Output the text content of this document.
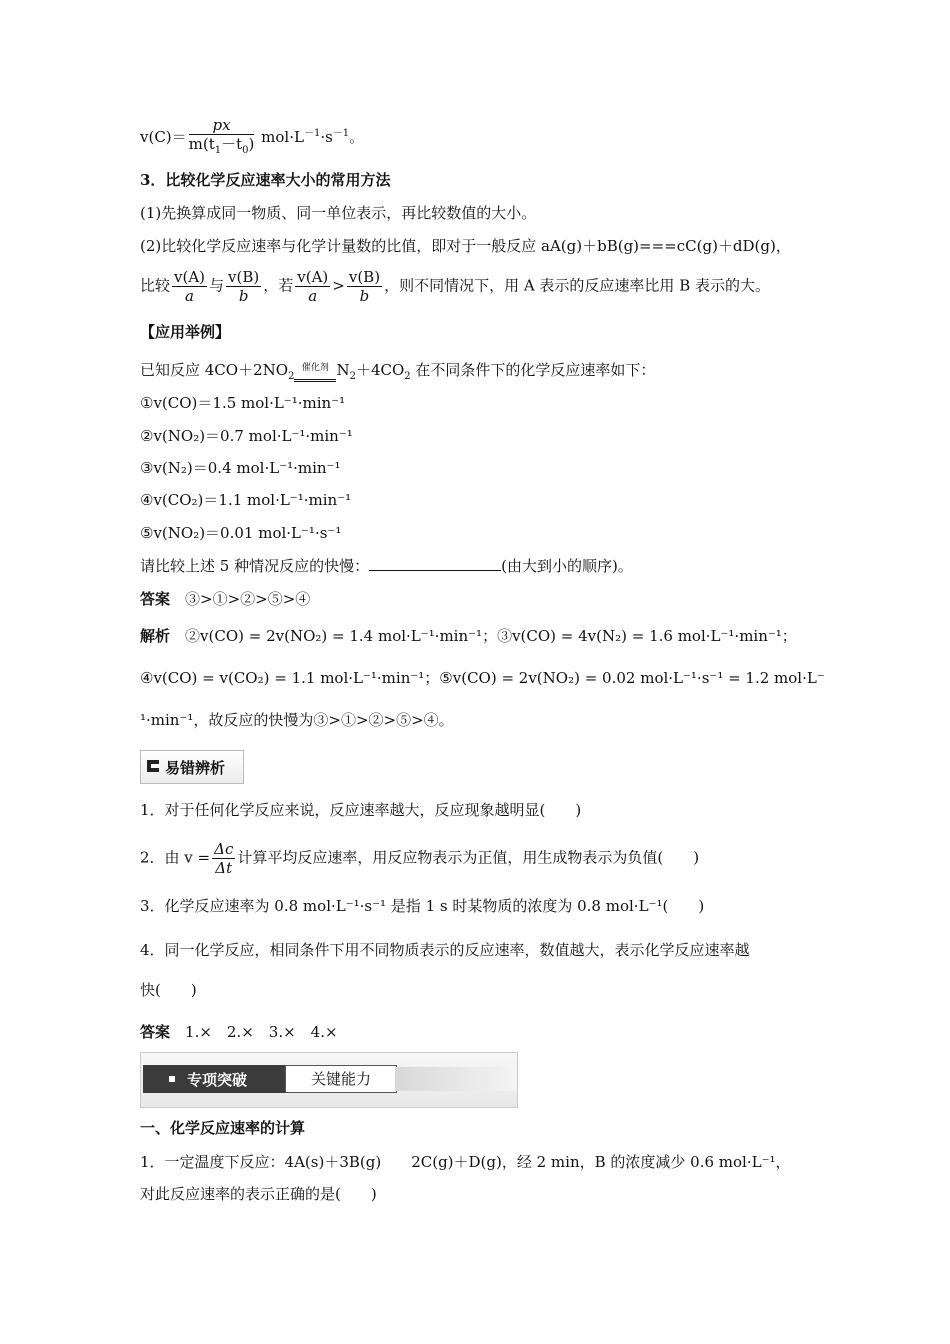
$v(C)= \frac{px}{m(t_1-t_0)} mol\cdot L^{-1}\cdot s^{-1}$。
3．比较化学反应速率大小的常用方法
(1)先换算成同一物质、同一单位表示，再比较数值的大小。
(2)比较化学反应速率与化学计量数的比值，即对于一般反应 aA(g)＋bB(g)===cC(g)＋dD(g)，
比较 $\frac{v(A)}{a}$ 与 $\frac{v(B)}{b}$ ，若 $\frac{v(A)}{a} > \frac{v(B)}{b}$ ，则不同情况下，用 A 表示的反应速率比用 B 表示的大。
【应用举例】
已知反应 $4CO+2NO_2$
催化剂 $N_2+4CO_2$ 在不同条件下的化学反应速率如下：
①v(CO)＝1.5 mol·L⁻¹·min⁻¹
②v(NO₂)＝0.7 mol·L⁻¹·min⁻¹
③v(N₂)＝0.4 mol·L⁻¹·min⁻¹
④v(CO₂)＝1.1 mol·L⁻¹·min⁻¹
⑤v(NO₂)＝0.01 mol·L⁻¹·s⁻¹
请比较上述 5 种情况反应的快慢：	(由大到小的顺序)。
答案　 ③>①>②>⑤>④
解析　 ②v(CO) = 2v(NO₂) = 1.4 mol·L⁻¹·min⁻¹；③v(CO) = 4v(N₂) = 1.6 mol·L⁻¹·min⁻¹；
④v(CO) = v(CO₂) = 1.1 mol·L⁻¹·min⁻¹；⑤v(CO) = 2v(NO₂) = 0.02 mol·L⁻¹·s⁻¹ = 1.2 mol·L⁻
¹·min⁻¹，故反应的快慢为③>①>②>⑤>④。
易错辨析
1．对于任何化学反应来说，反应速率越大，反应现象越明显(　　)
2．由 $v = \frac{\Delta c}{\Delta t}$ 计算平均反应速率，用反应物表示为正值，用生成物表示为负值(　　)
3．化学反应速率为 0.8 mol·L⁻¹·s⁻¹ 是指 1 s 时某物质的浓度为 0.8 mol·L⁻¹(　　)
4．同一化学反应，相同条件下用不同物质表示的反应速率，数值越大，表示化学反应速率越
快(　　)
答案　 1.×　2.×　3.×　4.×
专项突破	关键能力
一、化学反应速率的计算
1．一定温度下反应：4A(s)＋3B(g)　　2C(g)＋D(g)，经 2 min，B 的浓度减少 0.6 mol·L⁻¹，
对此反应速率的表示正确的是(　　)
